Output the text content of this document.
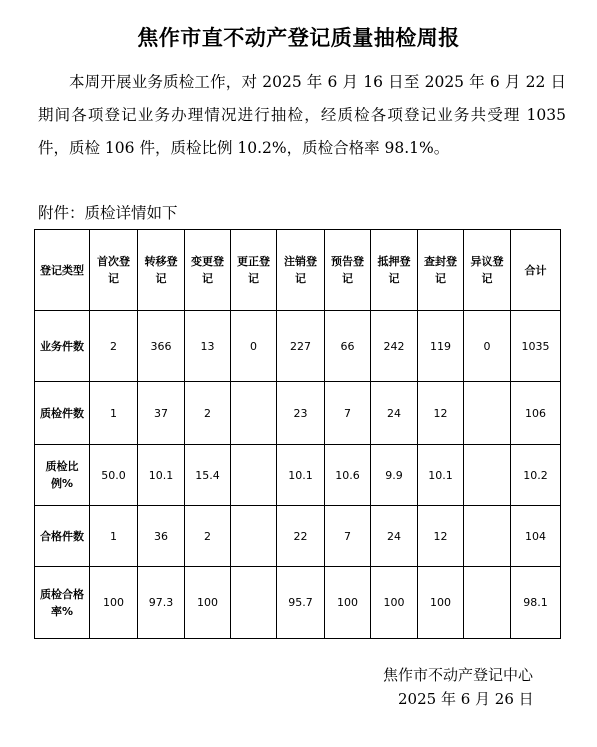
焦作市直不动产登记质量抽检周报
本周开展业务质检工作，对 2025 年 6 月 16 日至 2025 年 6 月 22 日期间各项登记业务办理情况进行抽检，经质检各项登记业务共受理 1035 件，质检 106 件，质检比例 10.2%，质检合格率 98.1%。
附件：质检详情如下
登记类型	首次登记	转移登记	变更登记	更正登记	注销登记	预告登记	抵押登记	查封登记	异议登记	合计
业务件数	2	366	13	0	227	66	242	119	0	1035
质检件数	1	37	2		23	7	24	12		106
质检比例%	50.0	10.1	15.4		10.1	10.6	9.9	10.1		10.2
合格件数	1	36	2		22	7	24	12		104
质检合格率%	100	97.3	100		95.7	100	100	100		98.1
焦作市不动产登记中心
2025 年 6 月 26 日
